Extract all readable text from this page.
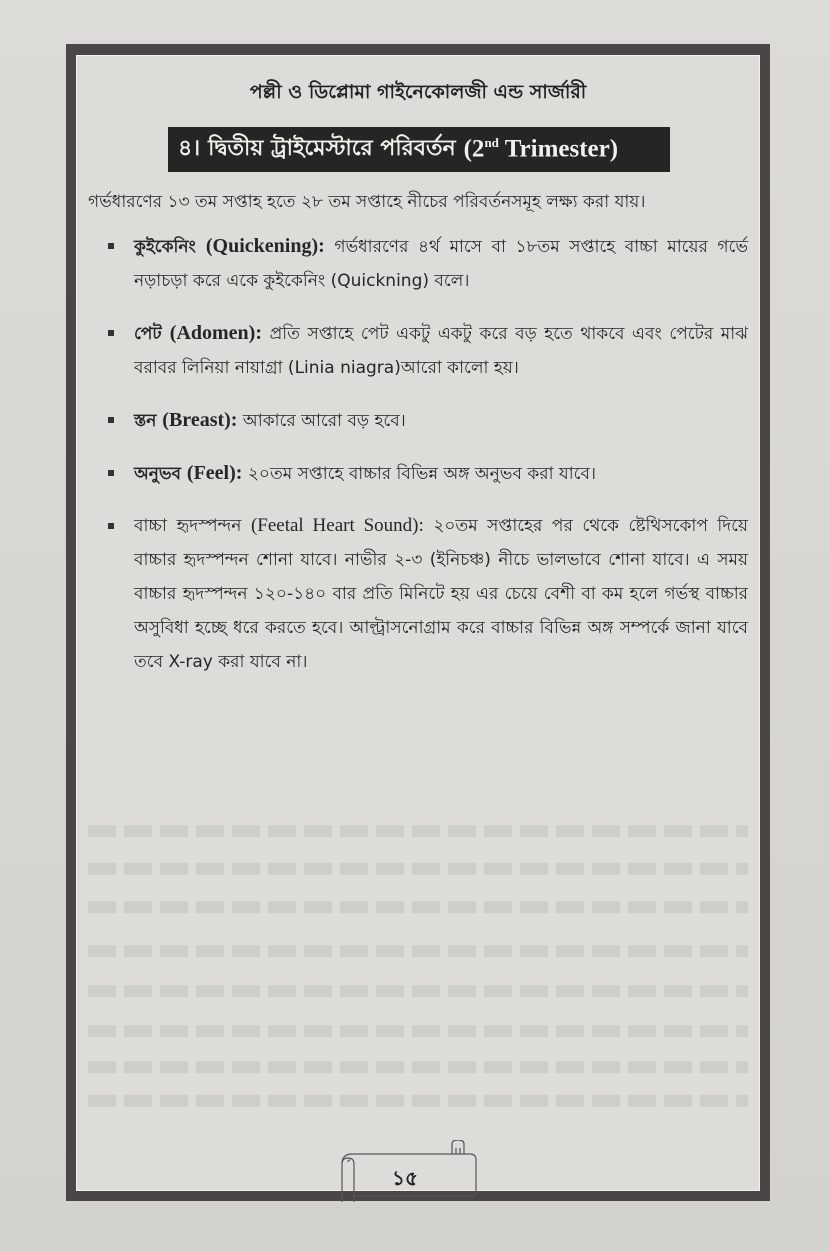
পল্লী ও ডিপ্লোমা গাইনেকোলজী এন্ড সার্জারী
৪। দ্বিতীয় ট্রাইমেস্টারে পরিবর্তন (2nd Trimester)

গর্ভধারণের ১৩ তম সপ্তাহ হতে ২৮ তম সপ্তাহে নীচের পরিবর্তনসমূহ লক্ষ্য করা যায়।

কুইকেনিং (Quickening): গর্ভধারণের ৪র্থ মাসে বা ১৮তম সপ্তাহে বাচ্চা মায়ের গর্ভে নড়াচড়া করে একে কুইকেনিং (Quickning) বলে।
পেট (Adomen): প্রতি সপ্তাহে পেট একটু একটু করে বড় হতে থাকবে এবং পেটের মাঝ বরাবর লিনিয়া নায়াগ্রা (Linia niagra)আরো কালো হয়।
স্তন (Breast): আকারে আরো বড় হবে।
অনুভব (Feel): ২০তম সপ্তাহে বাচ্চার বিভিন্ন অঙ্গ অনুভব করা যাবে।
বাচ্চা হৃদস্পন্দন (Feetal Heart Sound): ২০তম সপ্তাহের পর থেকে ষ্টেথিসকোপ দিয়ে বাচ্চার হৃদস্পন্দন শোনা যাবে। নাভীর ২-৩ (ইনিচঞ্চ) নীচে ভালভাবে শোনা যাবে। এ সময় বাচ্চার হৃদস্পন্দন ১২০-১৪০ বার প্রতি মিনিটে হয় এর চেয়ে বেশী বা কম হলে গর্ভস্থ বাচ্চার অসুবিধা হচ্ছে ধরে করতে হবে। আল্ট্রাসনোগ্রাম করে বাচ্চার বিভিন্ন অঙ্গ সম্পর্কে জানা যাবে তবে X-ray করা যাবে না।
১৫
